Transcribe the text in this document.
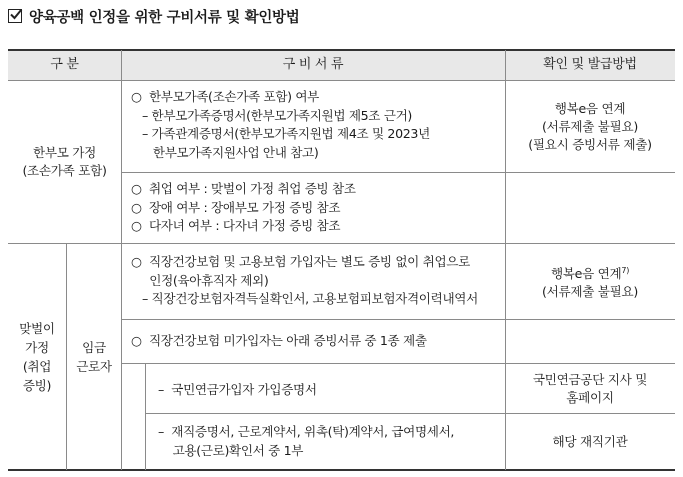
양육공백 인정을 위한 구비서류 및 확인방법
구 분	구 비 서 류	확인 및 발급방법
한부모 가정
(조손가족 포함)
○  한부모가족(조손가족 포함) 여부
– 한부모가족증명서(한부모가족지원법 제5조 근거)
– 가족관계증명서(한부모가족지원법 제4조 및 2023년
한부모가족지원사업 안내 참고)
행복e음 연계
(서류제출 불필요)
(필요시 증빙서류 제출)
○  취업 여부 : 맞벌이 가정 취업 증빙 참조
○  장애 여부 : 장애부모 가정 증빙 참조
○  다자녀 여부 : 다자녀 가정 증빙 참조
맞벌이
가정
(취업
증빙)
임금
근로자
○  직장건강보험 및 고용보험 가입자는 별도 증빙 없이 취업으로
인정(육아휴직자 제외)
– 직장건강보험자격득실확인서, 고용보험피보험자격이력내역서
행복e음 연계$^{7)}$
(서류제출 불필요)
○  직장건강보험 미가입자는 아래 증빙서류 중 1종 제출
–  국민연금가입자 가입증명서
국민연금공단 지사 및
홈페이지
–  재직증명서, 근로계약서, 위촉(탁)계약서, 급여명세서,
고용(근로)확인서 중 1부
해당 재직기관
